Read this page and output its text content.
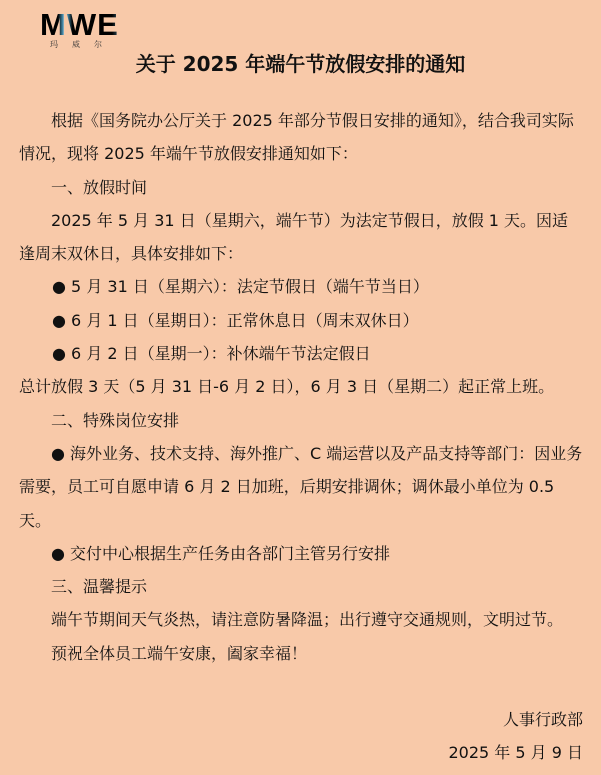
MWE
玛威尔
关于 2025 年端午节放假安排的通知

根据《国务院办公厅关于 2025 年部分节假日安排的通知》，结合我司实际情况，现将 2025 年端午节放假安排通知如下：

一、放假时间

2025 年 5 月 31 日（星期六，端午节）为法定节假日，放假 1 天。因适逢周末双休日，具体安排如下：

● 5 月 31 日（星期六）：法定节假日（端午节当日）

● 6 月 1 日（星期日）：正常休息日（周末双休日）

● 6 月 2 日（星期一）：补休端午节法定假日

总计放假 3 天（5 月 31 日-6 月 2 日），6 月 3 日（星期二）起正常上班。

二、特殊岗位安排

● 海外业务、技术支持、海外推广、C 端运营以及产品支持等部门：因业务需要，员工可自愿申请 6 月 2 日加班，后期安排调休；调休最小单位为 0.5 天。

● 交付中心根据生产任务由各部门主管另行安排

三、温馨提示

端午节期间天气炎热，请注意防暑降温；出行遵守交通规则，文明过节。

预祝全体员工端午安康，阖家幸福！

人事行政部

2025 年 5 月 9 日
